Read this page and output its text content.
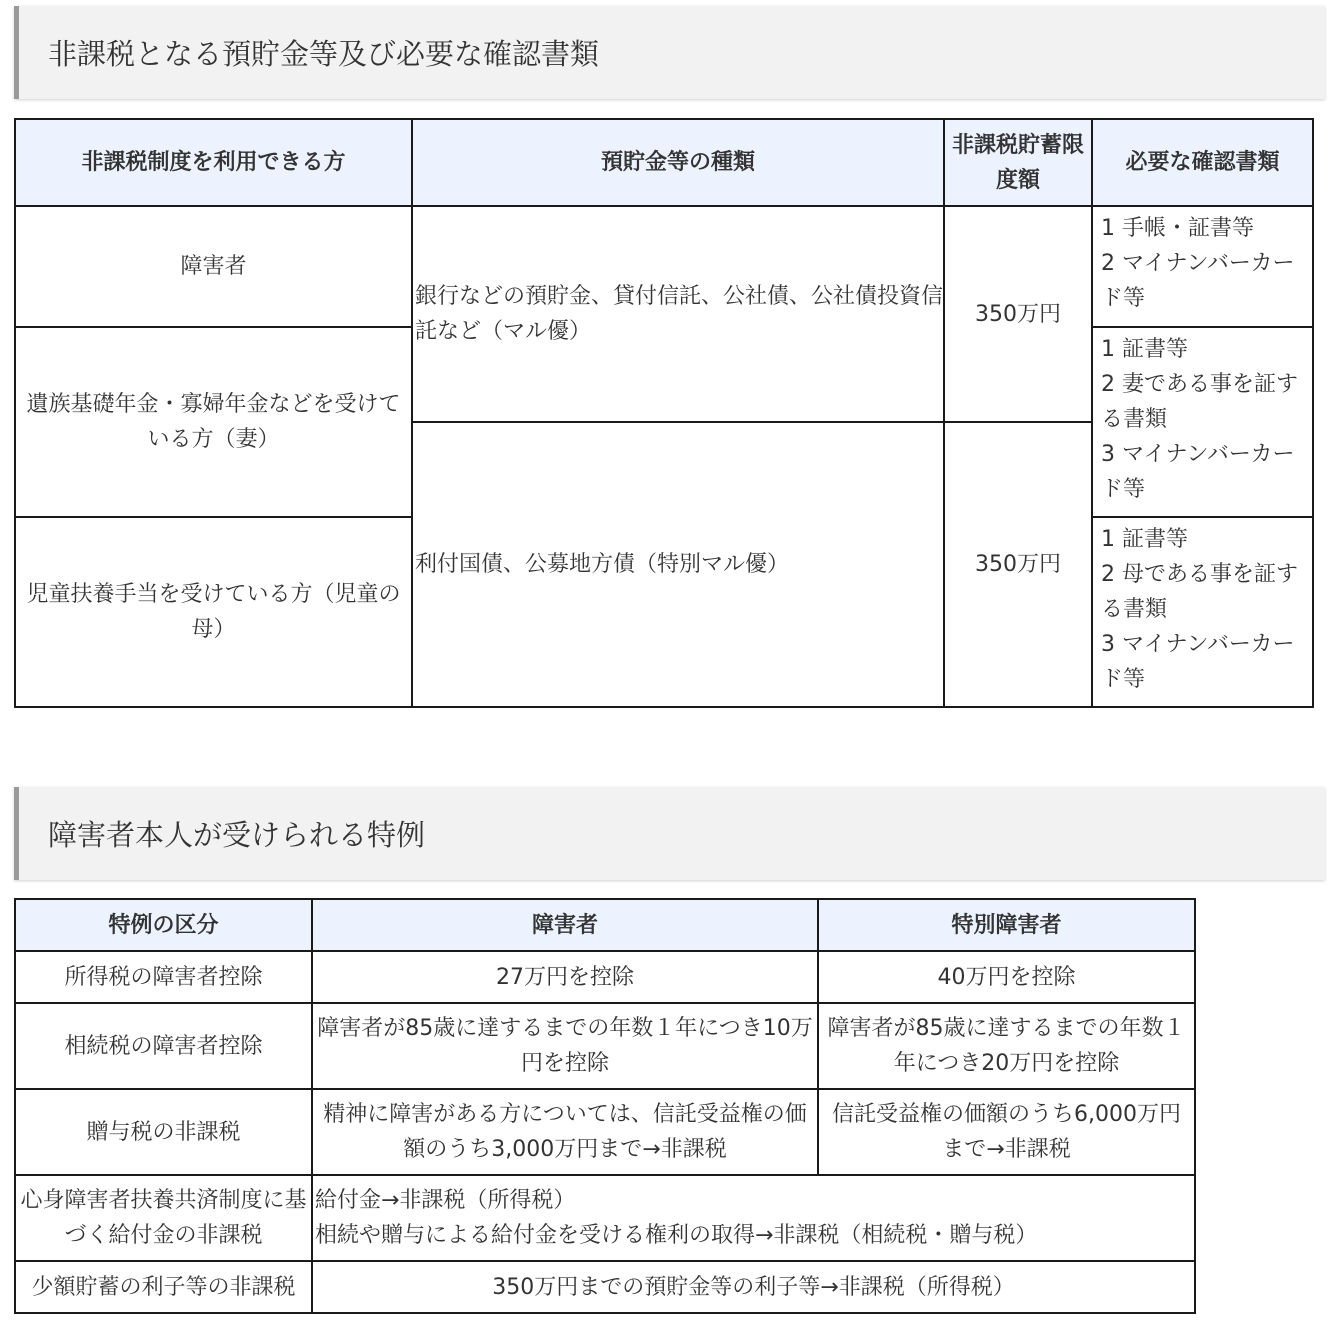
非課税となる預貯金等及び必要な確認書類
非課税制度を利用できる方	預貯金等の種類	非課税貯蓄限度額	必要な確認書類
障害者	銀行などの預貯金、貸付信託、公社債、公社債投資信託など（マル優）	350万円	1 手帳・証書等
2 マイナンバーカード等

遺族基礎年金・寡婦年金などを受けている方（妻）			1 証書等
2 妻である事を証する書類
3 マイナンバーカード等

	利付国債、公募地方債（特別マル優）	350万円	
児童扶養手当を受けている方（児童の母）			1 証書等
2 母である事を証する書類
3 マイナンバーカード等
障害者本人が受けられる特例
特例の区分	障害者	特別障害者
所得税の障害者控除	27万円を控除	40万円を控除
相続税の障害者控除	障害者が85歳に達するまでの年数１年につき10万円を控除	障害者が85歳に達するまでの年数１年につき20万円を控除
贈与税の非課税	精神に障害がある方については、信託受益権の価額のうち3,000万円まで→非課税	信託受益権の価額のうち6,000万円まで→非課税
心身障害者扶養共済制度に基づく給付金の非課税	給付金→非課税（所得税）
相続や贈与による給付金を受ける権利の取得→非課税（相続税・贈与税）	

少額貯蓄の利子等の非課税	350万円までの預貯金等の利子等→非課税（所得税）	
